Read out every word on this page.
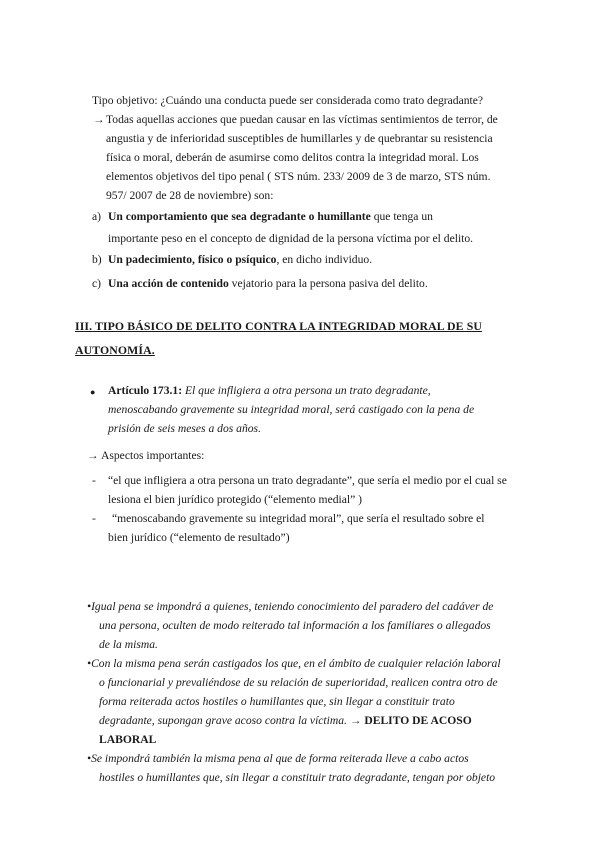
Tipo objetivo: ¿Cuándo una conducta puede ser considerada como trato degradante?
→ Todas aquellas acciones que puedan causar en las víctimas sentimientos de terror, de
angustia y de inferioridad susceptibles de humillarles y de quebrantar su resistencia
física o moral, deberán de asumirse como delitos contra la integridad moral. Los
elementos objetivos del tipo penal ( STS núm. 233/ 2009 de 3 de marzo, STS núm.
957/ 2007 de 28 de noviembre) son:
a) Un comportamiento que sea degradante o humillante que tenga un
importante peso en el concepto de dignidad de la persona víctima por el delito.
b) Un padecimiento, físico o psíquico, en dicho individuo.
c) Una acción de contenido vejatorio para la persona pasiva del delito.
III. TIPO BÁSICO DE DELITO CONTRA LA INTEGRIDAD MORAL DE SU
AUTONOMÍA.
● Artículo 173.1: El que infligiera a otra persona un trato degradante,
menoscabando gravemente su integridad moral, será castigado con la pena de
prisión de seis meses a dos años.
→ Aspectos importantes:
- “el que infligiera a otra persona un trato degradante”, que sería el medio por el cual se
lesiona el bien jurídico protegido (“elemento medial” )
- “menoscabando gravemente su integridad moral”, que sería el resultado sobre el
bien jurídico (“elemento de resultado”)
•Igual pena se impondrá a quienes, teniendo conocimiento del paradero del cadáver de
una persona, oculten de modo reiterado tal información a los familiares o allegados
de la misma.
•Con la misma pena serán castigados los que, en el ámbito de cualquier relación laboral
o funcionarial y prevaliéndose de su relación de superioridad, realicen contra otro de
forma reiterada actos hostiles o humillantes que, sin llegar a constituir trato
degradante, supongan grave acoso contra la víctima. → DELITO DE ACOSO
LABORAL
•Se impondrá también la misma pena al que de forma reiterada lleve a cabo actos
hostiles o humillantes que, sin llegar a constituir trato degradante, tengan por objeto
